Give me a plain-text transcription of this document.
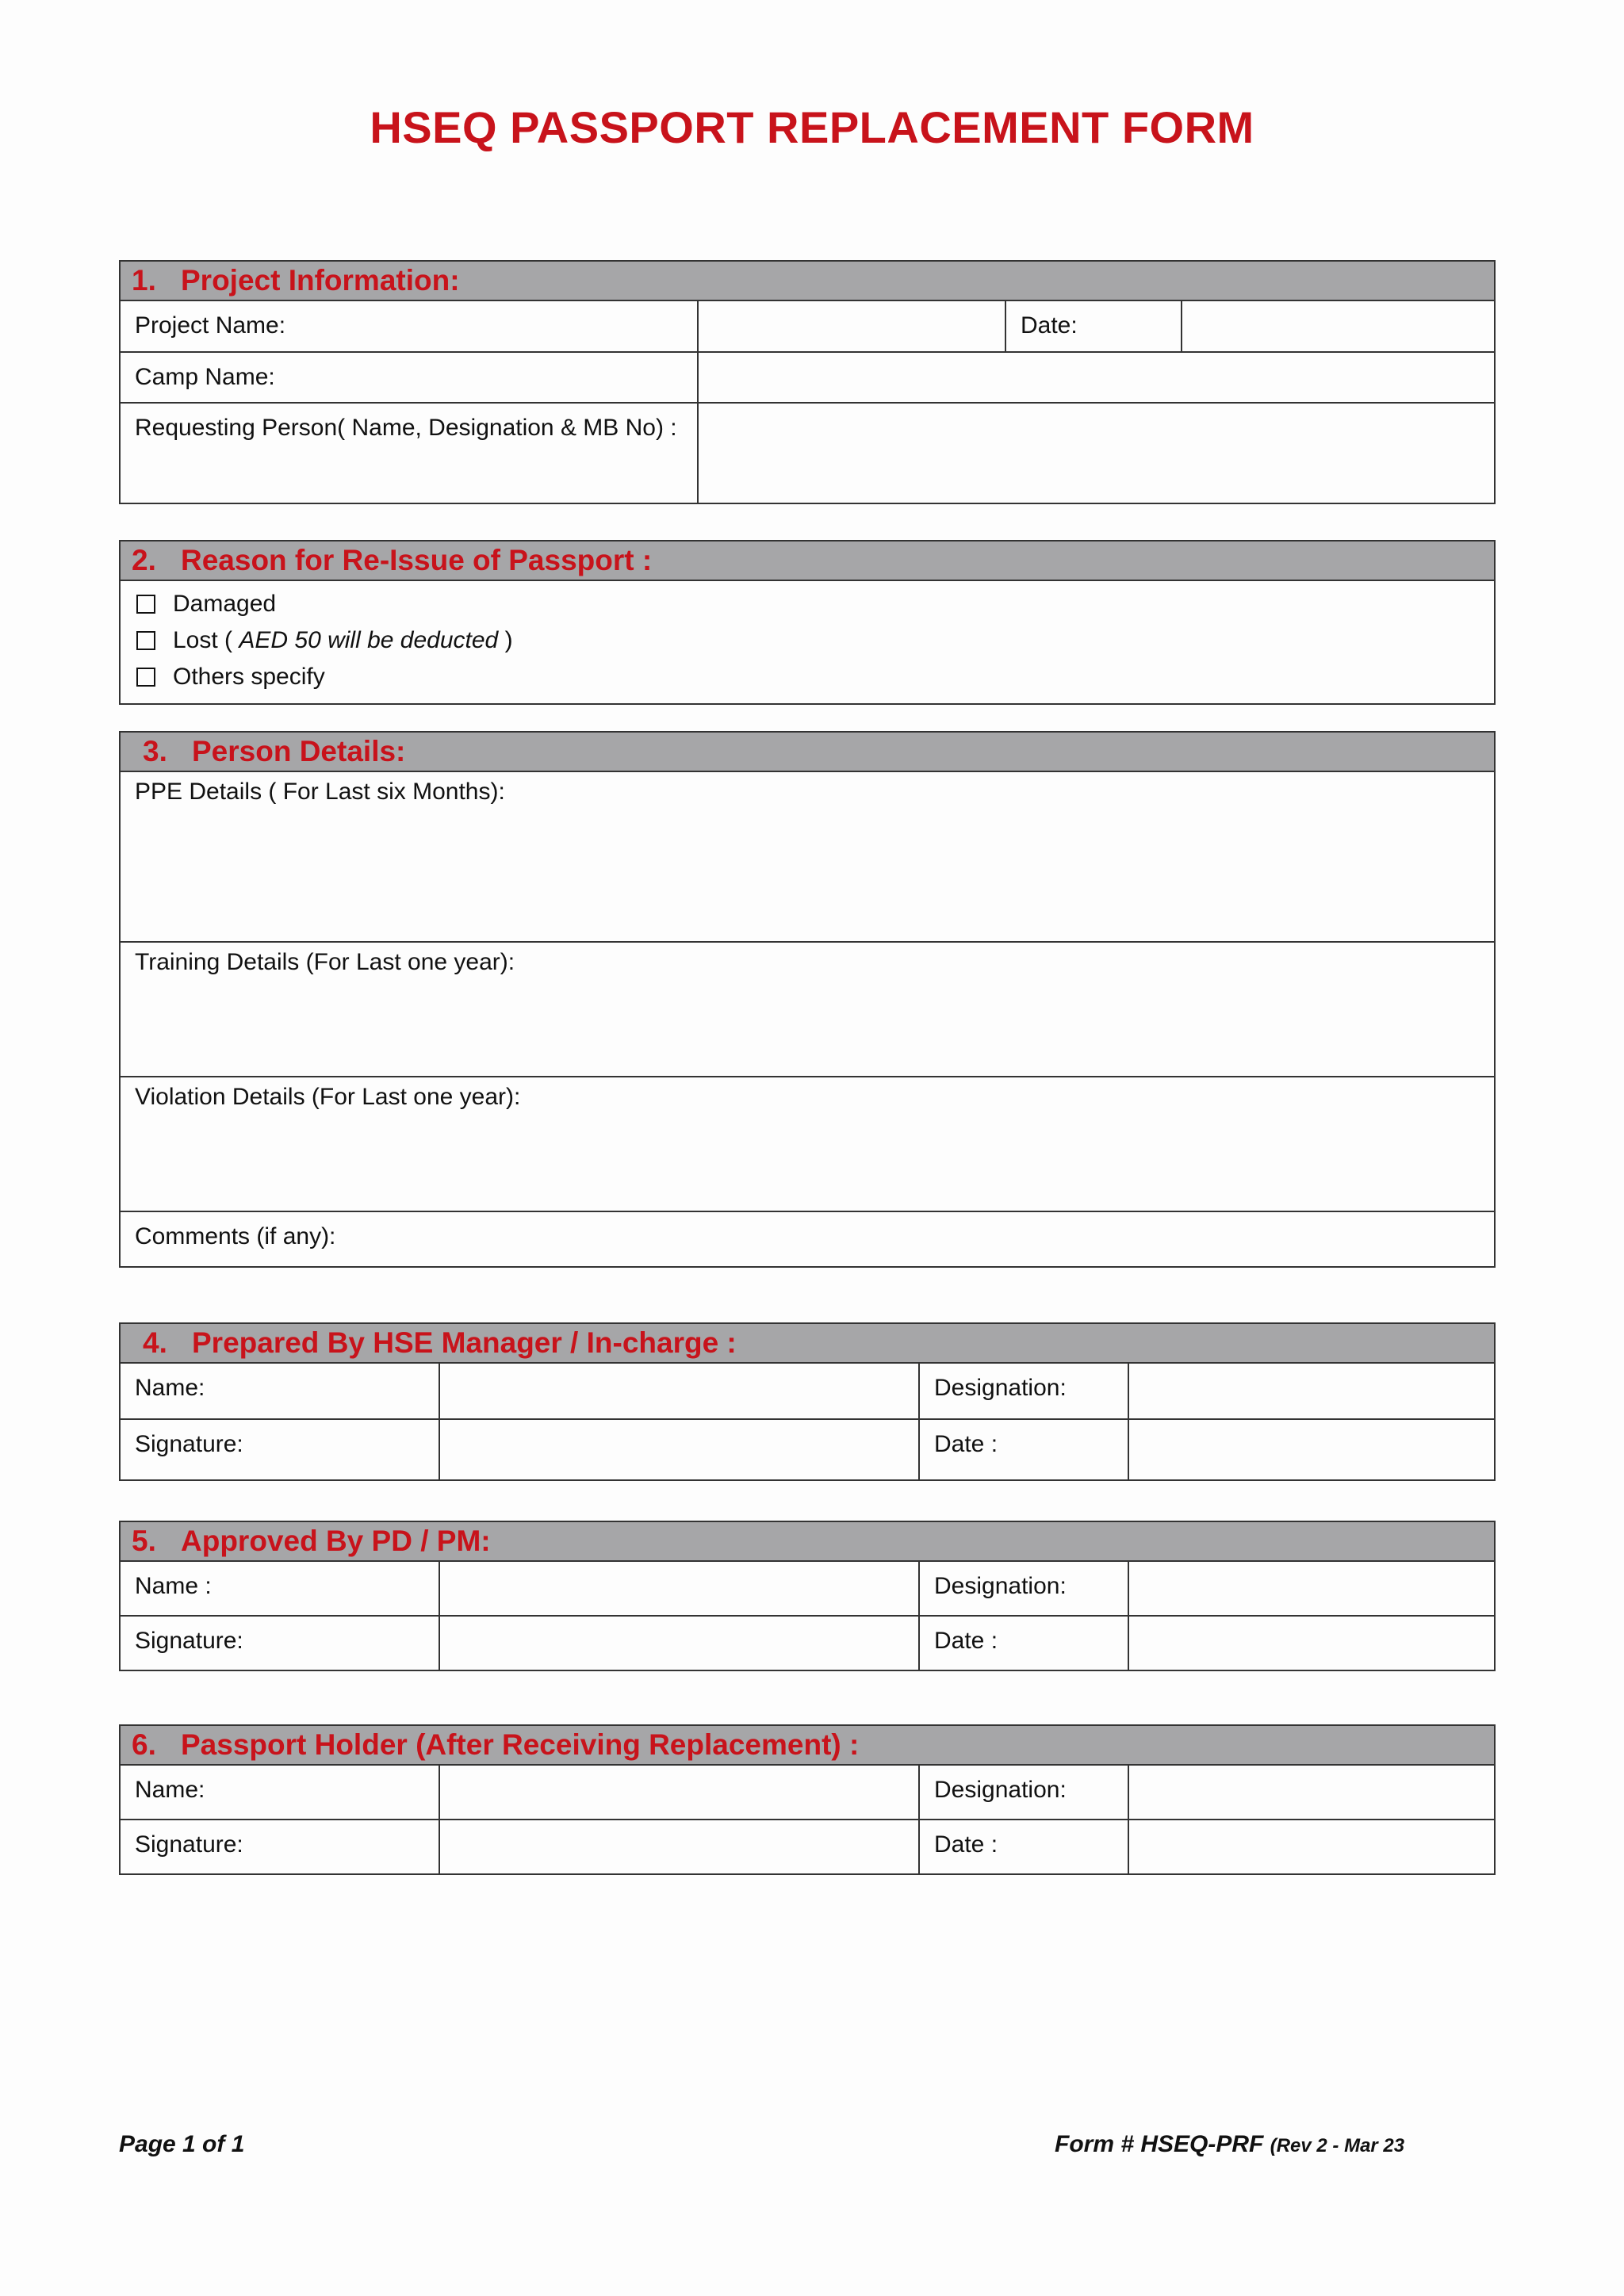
HSEQ PASSPORT REPLACEMENT FORM
1. Project Information:
Project Name:		Date:	
Camp Name:			
Requesting Person( Name, Designation & MB No) :			
2. Reason for Re-Issue of Passport :
Damaged
Lost (
AED 50 will be deducted
)
Others specify
3. Person Details:
PPE Details ( For Last six Months):
Training Details (For Last one year):
Violation Details (For Last one year):
Comments (if any):
4. Prepared By HSE Manager / In-charge :
Name:		Designation:	
Signature:		Date :	
5. Approved By PD / PM:
Name :		Designation:	
Signature:		Date :	
6. Passport Holder (After Receiving Replacement) :
Name:		Designation:	
Signature:		Date :	
Page 1 of 1	Form # HSEQ-PRF (Rev 2 - Mar 23
